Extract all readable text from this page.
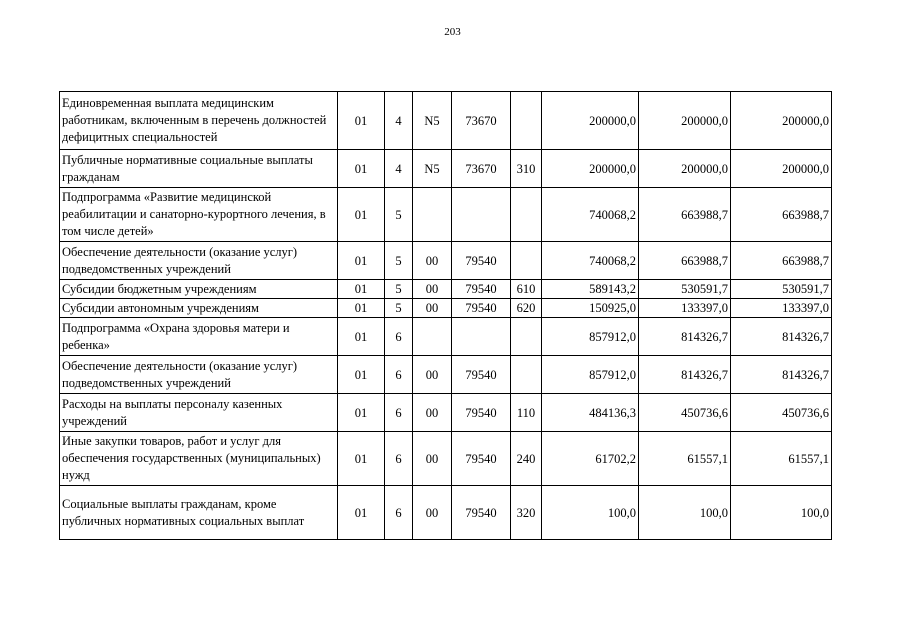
203
Единовременная выплата медицинским работникам, включенным в перечень должностей дефицитных специальностей	01	4	N5	73670		200000,0	200000,0	200000,0
Публичные нормативные социальные выплаты гражданам	01	4	N5	73670	310	200000,0	200000,0	200000,0
Подпрограмма «Развитие медицинской реабилитации и санаторно-курортного лечения, в том числе детей»	01	5				740068,2	663988,7	663988,7
Обеспечение деятельности (оказание услуг) подведомственных учреждений	01	5	00	79540		740068,2	663988,7	663988,7
Субсидии бюджетным учреждениям	01	5	00	79540	610	589143,2	530591,7	530591,7
Субсидии автономным учреждениям	01	5	00	79540	620	150925,0	133397,0	133397,0
Подпрограмма «Охрана здоровья матери и ребенка»	01	6				857912,0	814326,7	814326,7
Обеспечение деятельности (оказание услуг) подведомственных учреждений	01	6	00	79540		857912,0	814326,7	814326,7
Расходы на выплаты персоналу казенных учреждений	01	6	00	79540	110	484136,3	450736,6	450736,6
Иные закупки товаров, работ и услуг для обеспечения государственных (муниципальных) нужд	01	6	00	79540	240	61702,2	61557,1	61557,1
Социальные выплаты гражданам, кроме публичных нормативных социальных выплат	01	6	00	79540	320	100,0	100,0	100,0
